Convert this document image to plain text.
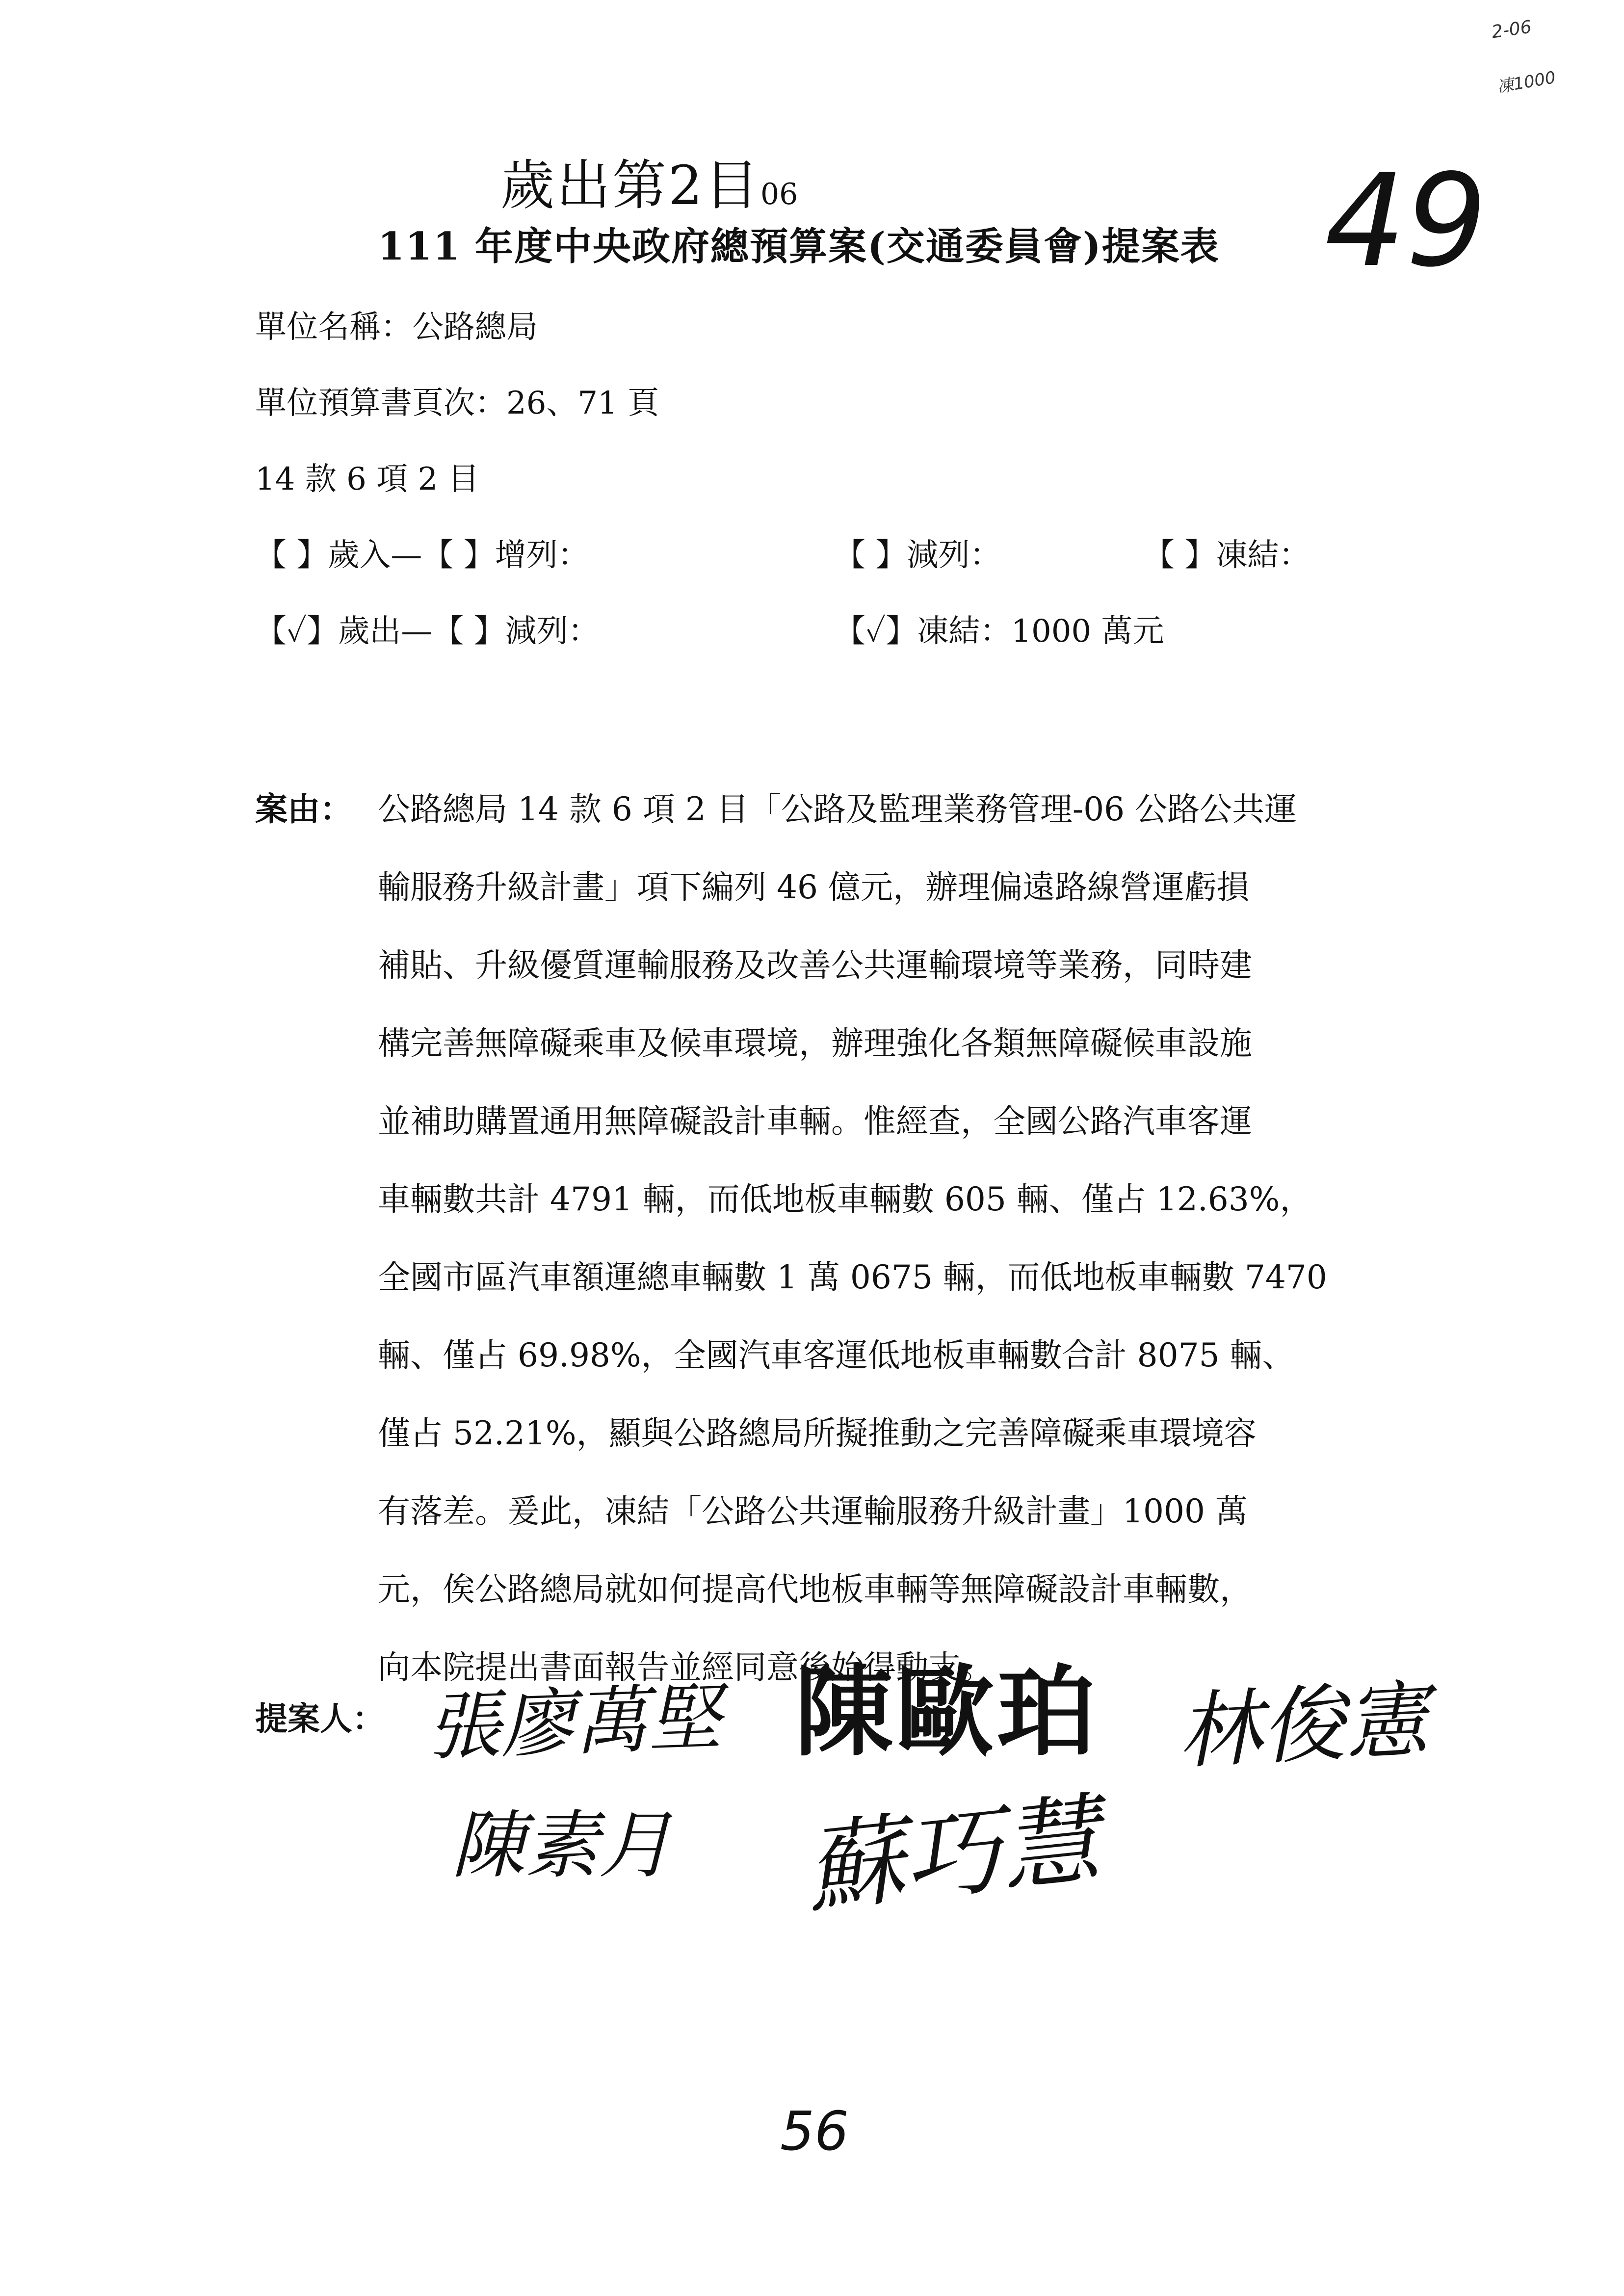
2-06
凍1000
歲出第2目06	49
111 年度中央政府總預算案(交通委員會)提案表
單位名稱：公路總局
單位預算書頁次：26、71 頁
14 款 6 項 2 目
【 】歲入—【 】增列：	【 】減列：	【 】凍結：
【✓】歲出—【 】減列：	【✓】凍結：1000 萬元
案由： 公路總局 14 款 6 項 2 目「公路及監理業務管理-06 公路公共運
輸服務升級計畫」項下編列 46 億元，辦理偏遠路線營運虧損
補貼、升級優質運輸服務及改善公共運輸環境等業務，同時建
構完善無障礙乘車及候車環境，辦理強化各類無障礙候車設施
並補助購置通用無障礙設計車輛。惟經查，全國公路汽車客運
車輛數共計 4791 輛，而低地板車輛數 605 輛、僅占 12.63%，
全國市區汽車額運總車輛數 1 萬 0675 輛，而低地板車輛數 7470
輛、僅占 69.98%，全國汽車客運低地板車輛數合計 8075 輛、
僅占 52.21%，顯與公路總局所擬推動之完善障礙乘車環境容
有落差。爰此，凍結「公路公共運輸服務升級計畫」1000 萬
元，俟公路總局就如何提高代地板車輛等無障礙設計車輛數，
向本院提出書面報告並經同意後始得動支。
提案人： 張廖萬堅 陳歐珀 林俊憲
陳素月 蘇巧慧
56
